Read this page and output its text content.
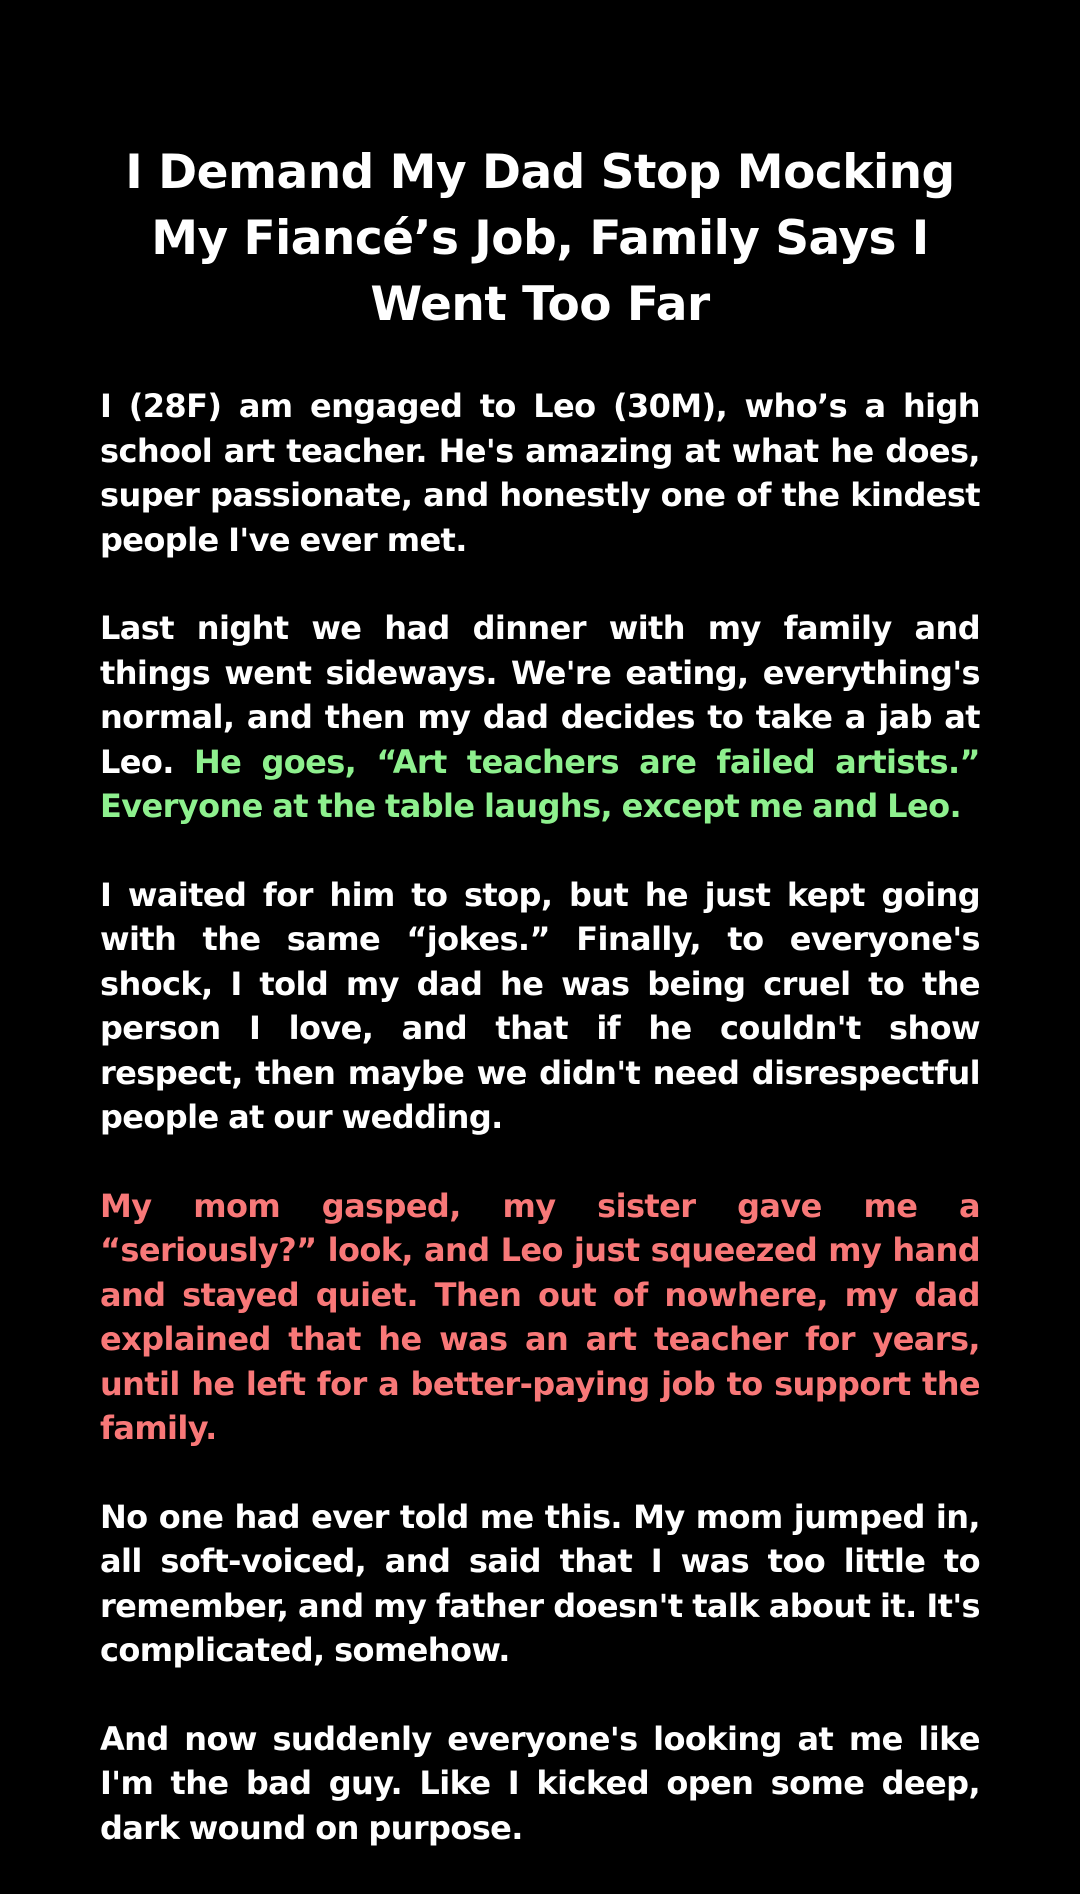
I Demand My Dad Stop Mocking My Fiancé’s Job, Family Says I Went Too Far

I (28F) am engaged to Leo (30M), who’s a high school art teacher. He's amazing at what he does, super passionate, and honestly one of the kindest people I've ever met.

Last night we had dinner with my family and things went sideways. We're eating, everything's normal, and then my dad decides to take a jab at Leo. He goes, “Art teachers are failed artists.” Everyone at the table laughs, except me and Leo.

I waited for him to stop, but he just kept going with the same “jokes.” Finally, to everyone's shock, I told my dad he was being cruel to the person I love, and that if he couldn't show respect, then maybe we didn't need disrespectful people at our wedding.

My mom gasped, my sister gave me a “seriously?” look, and Leo just squeezed my hand and stayed quiet. Then out of nowhere, my dad explained that he was an art teacher for years, until he left for a better-paying job to support the family.

No one had ever told me this. My mom jumped in, all soft-voiced, and said that I was too little to remember, and my father doesn't talk about it. It's complicated, somehow.

And now suddenly everyone's looking at me like I'm the bad guy. Like I kicked open some deep, dark wound on purpose.
